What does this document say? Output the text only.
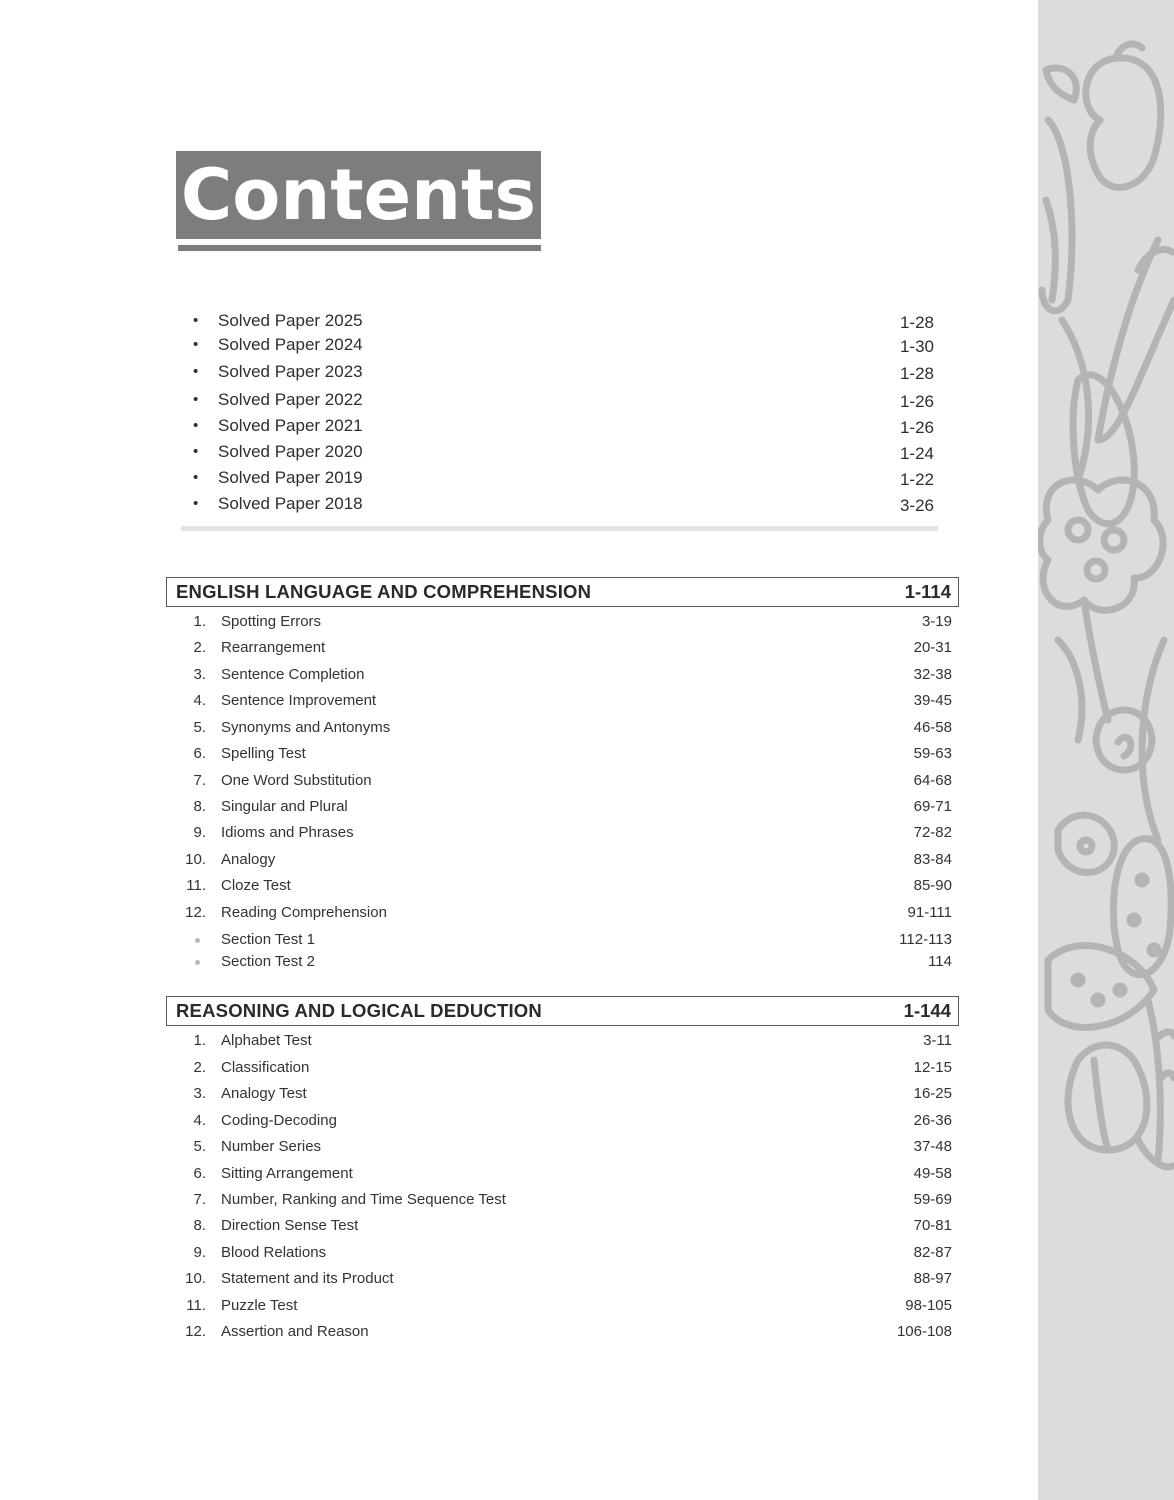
Contents
• Solved Paper 2025	1-28
• Solved Paper 2024	1-30
• Solved Paper 2023	1-28
• Solved Paper 2022	1-26
• Solved Paper 2021	1-26
• Solved Paper 2020	1-24
• Solved Paper 2019	1-22
• Solved Paper 2018	3-26
ENGLISH LANGUAGE AND COMPREHENSION	1-114
1. Spotting Errors	3-19
2. Rearrangement	20-31
3. Sentence Completion	32-38
4. Sentence Improvement	39-45
5. Synonyms and Antonyms	46-58
6. Spelling Test	59-63
7. One Word Substitution	64-68
8. Singular and Plural	69-71
9. Idioms and Phrases	72-82
10. Analogy	83-84
11. Cloze Test	85-90
12. Reading Comprehension	91-111
Section Test 1	112-113
Section Test 2	114
REASONING AND LOGICAL DEDUCTION	1-144
1. Alphabet Test	3-11
2. Classification	12-15
3. Analogy Test	16-25
4. Coding-Decoding	26-36
5. Number Series	37-48
6. Sitting Arrangement	49-58
7. Number, Ranking and Time Sequence Test	59-69
8. Direction Sense Test	70-81
9. Blood Relations	82-87
10. Statement and its Product	88-97
11. Puzzle Test	98-105
12. Assertion and Reason	106-108
